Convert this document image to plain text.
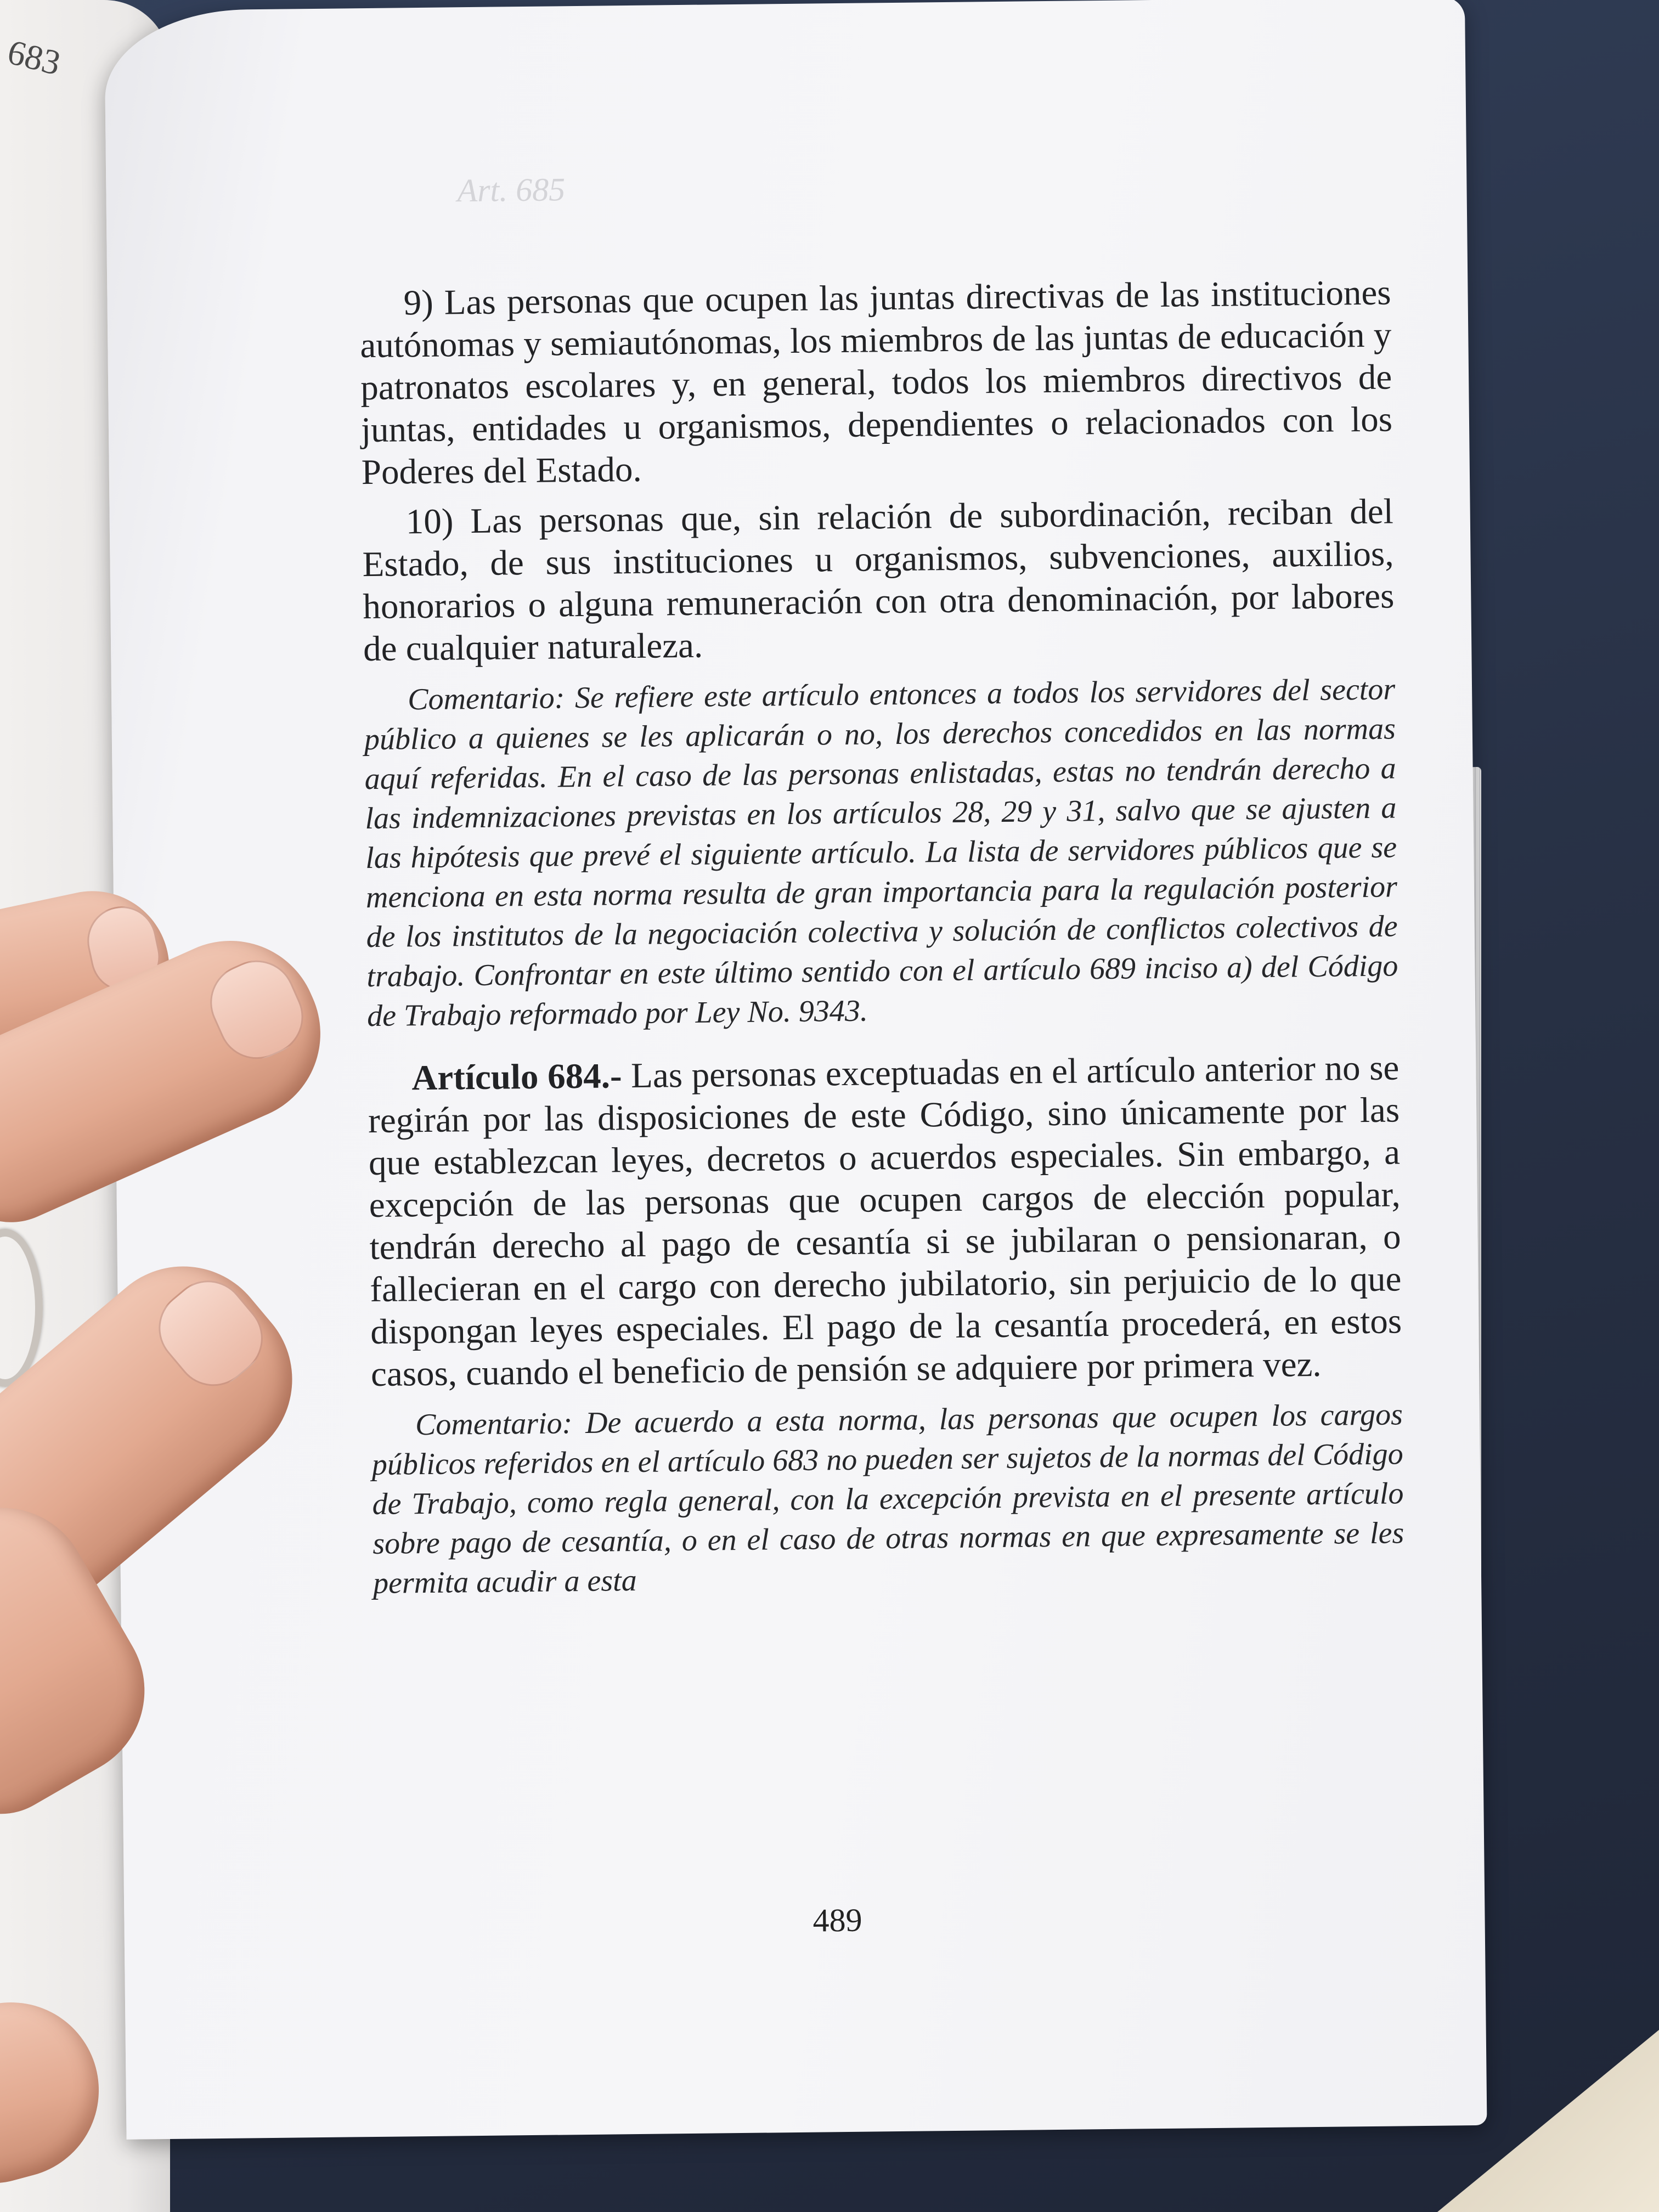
683
Art. 685

9) Las personas que ocupen las juntas directivas de las instituciones autónomas y semiautónomas, los miembros de las juntas de educación y patronatos escolares y, en general, todos los miembros directivos de juntas, entidades u organismos, dependientes o relacionados con los Poderes del Estado.

10) Las personas que, sin relación de subordinación, reciban del Estado, de sus instituciones u organismos, subvenciones, auxilios, honorarios o alguna remuneración con otra denominación, por labores de cualquier naturaleza.

Comentario: Se refiere este artículo entonces a todos los servidores del sector público a quienes se les aplicarán o no, los derechos concedidos en las normas aquí referidas. En el caso de las personas enlistadas, estas no tendrán derecho a las indemnizaciones previstas en los artículos 28, 29 y 31, salvo que se ajusten a las hipótesis que prevé el siguiente artículo. La lista de servidores públicos que se menciona en esta norma resulta de gran importancia para la regulación posterior de los institutos de la negociación colectiva y solución de conflictos colectivos de trabajo. Confrontar en este último sentido con el artículo 689 inciso a) del Código de Trabajo reformado por Ley No. 9343.

Artículo 684.- Las personas exceptuadas en el artículo anterior no se regirán por las disposiciones de este Código, sino únicamente por las que establezcan leyes, decretos o acuerdos especiales. Sin embargo, a excepción de las personas que ocupen cargos de elección popular, tendrán derecho al pago de cesantía si se jubilaran o pensionaran, o fallecieran en el cargo con derecho jubilatorio, sin perjuicio de lo que dispongan leyes especiales. El pago de la cesantía procederá, en estos casos, cuando el beneficio de pensión se adquiere por primera vez.

Comentario: De acuerdo a esta norma, las personas que ocupen los cargos públicos referidos en el artículo 683 no pueden ser sujetos de la normas del Código de Trabajo, como regla general, con la excepción prevista en el presente artículo sobre pago de cesantía, o en el caso de otras normas en que expresamente se les permita acudir a esta

489
